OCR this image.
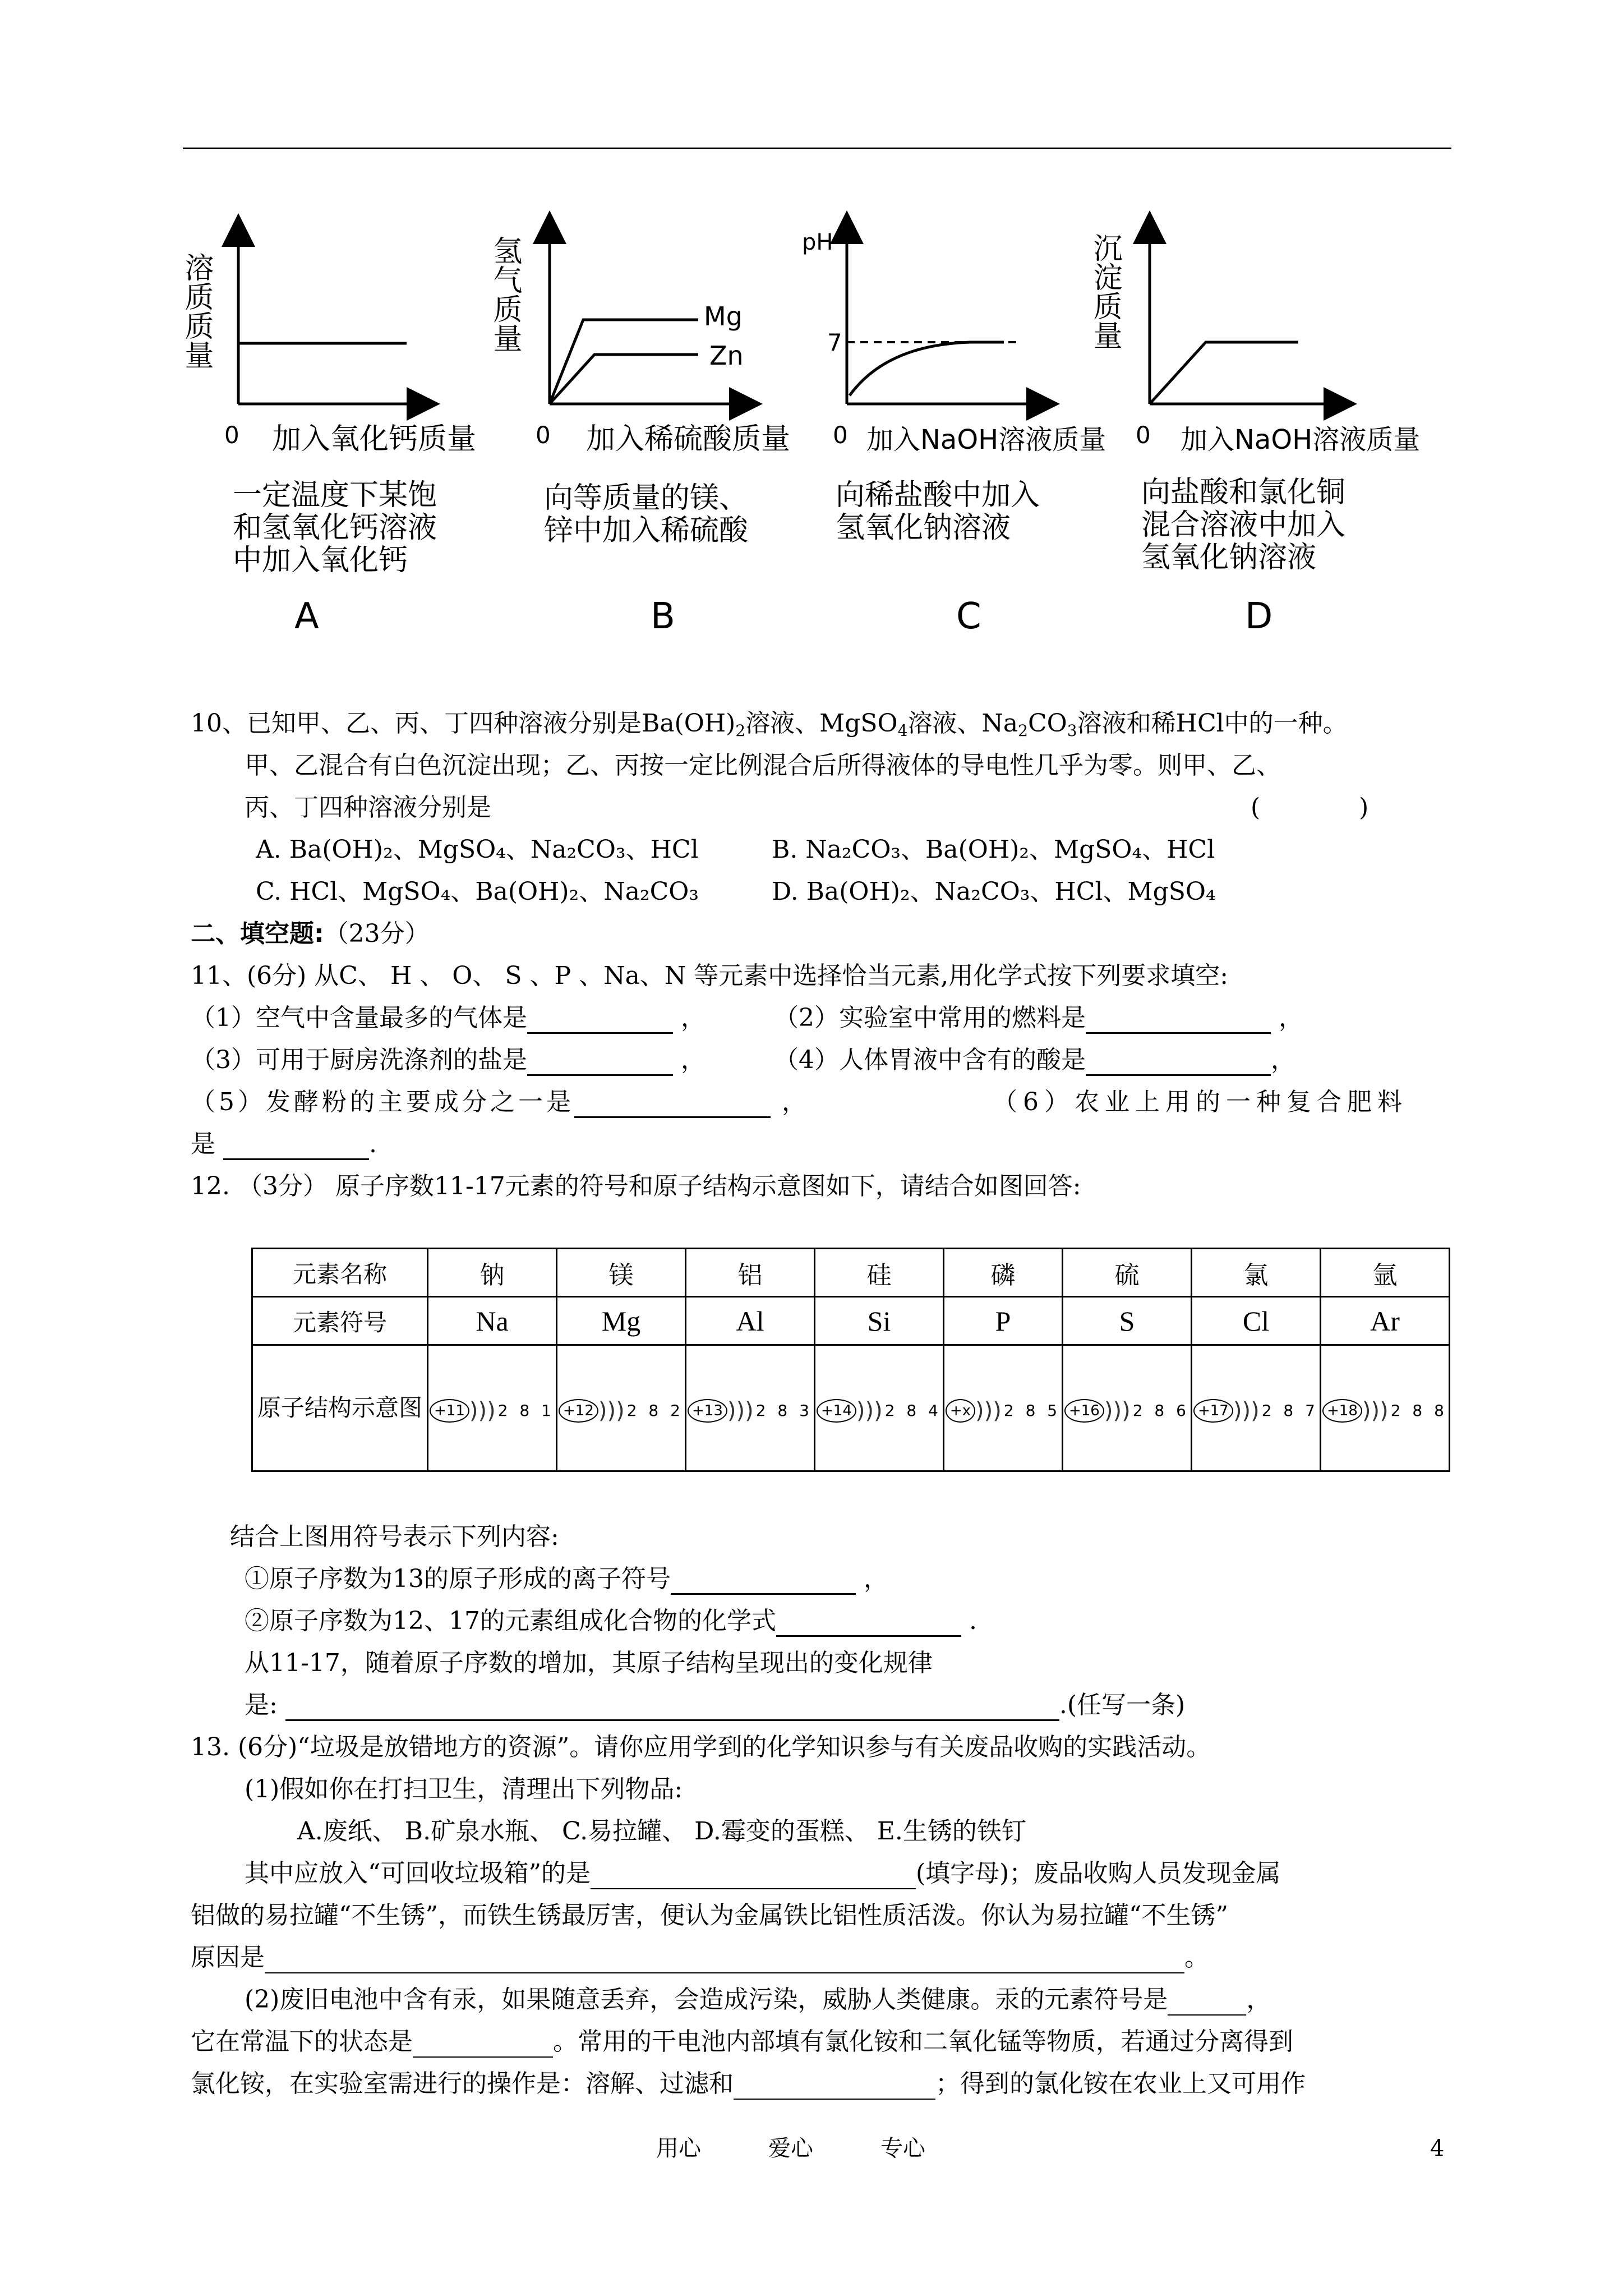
溶质质量
0 加入氧化钙质量
一定温度下某饱
和氢氧化钙溶液
中加入氧化钙
A
氢气质量	Mg
Zn
0 加入稀硫酸质量
向等质量的镁、
锌中加入稀硫酸
B
pH
7
0 加入NaOH溶液质量
向稀盐酸中加入
氢氧化钠溶液
C
沉淀质量
0 加入NaOH溶液质量
向盐酸和氯化铜
混合溶液中加入
氢氧化钠溶液
D
10、已知甲、乙、丙、丁四种溶液分别是$Ba(OH)_2$溶液、MgSO$_4$溶液、$Na_2CO_3$溶液和稀HCl中的一种。
甲、乙混合有白色沉淀出现；乙、丙按一定比例混合后所得液体的导电性几乎为零。则甲、乙、
丙、丁四种溶液分别是	(　　　　)
A. Ba(OH)₂、MgSO₄、Na₂CO₃、HCl	B. Na₂CO₃、Ba(OH)₂、MgSO₄、HCl
C. HCl、MgSO₄、Ba(OH)₂、Na₂CO₃	D. Ba(OH)₂、Na₂CO₃、HCl、MgSO₄
二、填空题:（23分）
11、(6分) 从C、 H 、 O、 S 、P 、Na、N 等元素中选择恰当元素,用化学式按下列要求填空:
（1）空气中含量最多的气体是	，	（2）实验室中常用的燃料是	，
（3）可用于厨房洗涤剂的盐是	，	（4）人体胃液中含有的酸是	，
（5）发酵粉的主要成分之一是	，	（6）农业上用的一种复合肥料
是	.
12. （3分） 原子序数11-17元素的符号和原子结构示意图如下，请结合如图回答:
元素名称	钠	镁	铝	硅	磷	硫	氯	氩
元素符号	Na	Mg	Al	Si	P	S	Cl	Ar
原子结构示意图	+11 ))) 2 8 1	+12 ))) 2 8 2	+13 ))) 2 8 3	+14 ))) 2 8 4	+x ))) 2 8 5	+16 ))) 2 8 6	+17 ))) 2 8 7	+18 ))) 2 8 8
结合上图用符号表示下列内容:
①原子序数为13的原子形成的离子符号	，
②原子序数为12、17的元素组成化合物的化学式	.
从11-17，随着原子序数的增加，其原子结构呈现出的变化规律
是:	.(任写一条)
13. (6分)“垃圾是放错地方的资源”。请你应用学到的化学知识参与有关废品收购的实践活动。
(1)假如你在打扫卫生，清理出下列物品:
A.废纸、 B.矿泉水瓶、 C.易拉罐、 D.霉变的蛋糕、 E.生锈的铁钉
其中应放入“可回收垃圾箱”的是	(填字母)；废品收购人员发现金属
铝做的易拉罐“不生锈”，而铁生锈最厉害，便认为金属铁比铝性质活泼。你认为易拉罐“不生锈”
原因是	。
(2)废旧电池中含有汞，如果随意丢弃，会造成污染，威胁人类健康。汞的元素符号是	，
它在常温下的状态是	。常用的干电池内部填有氯化铵和二氧化锰等物质，若通过分离得到
氯化铵，在实验室需进行的操作是：溶解、过滤和	；得到的氯化铵在农业上又可用作
用心　　　爱心　　　专心	4
